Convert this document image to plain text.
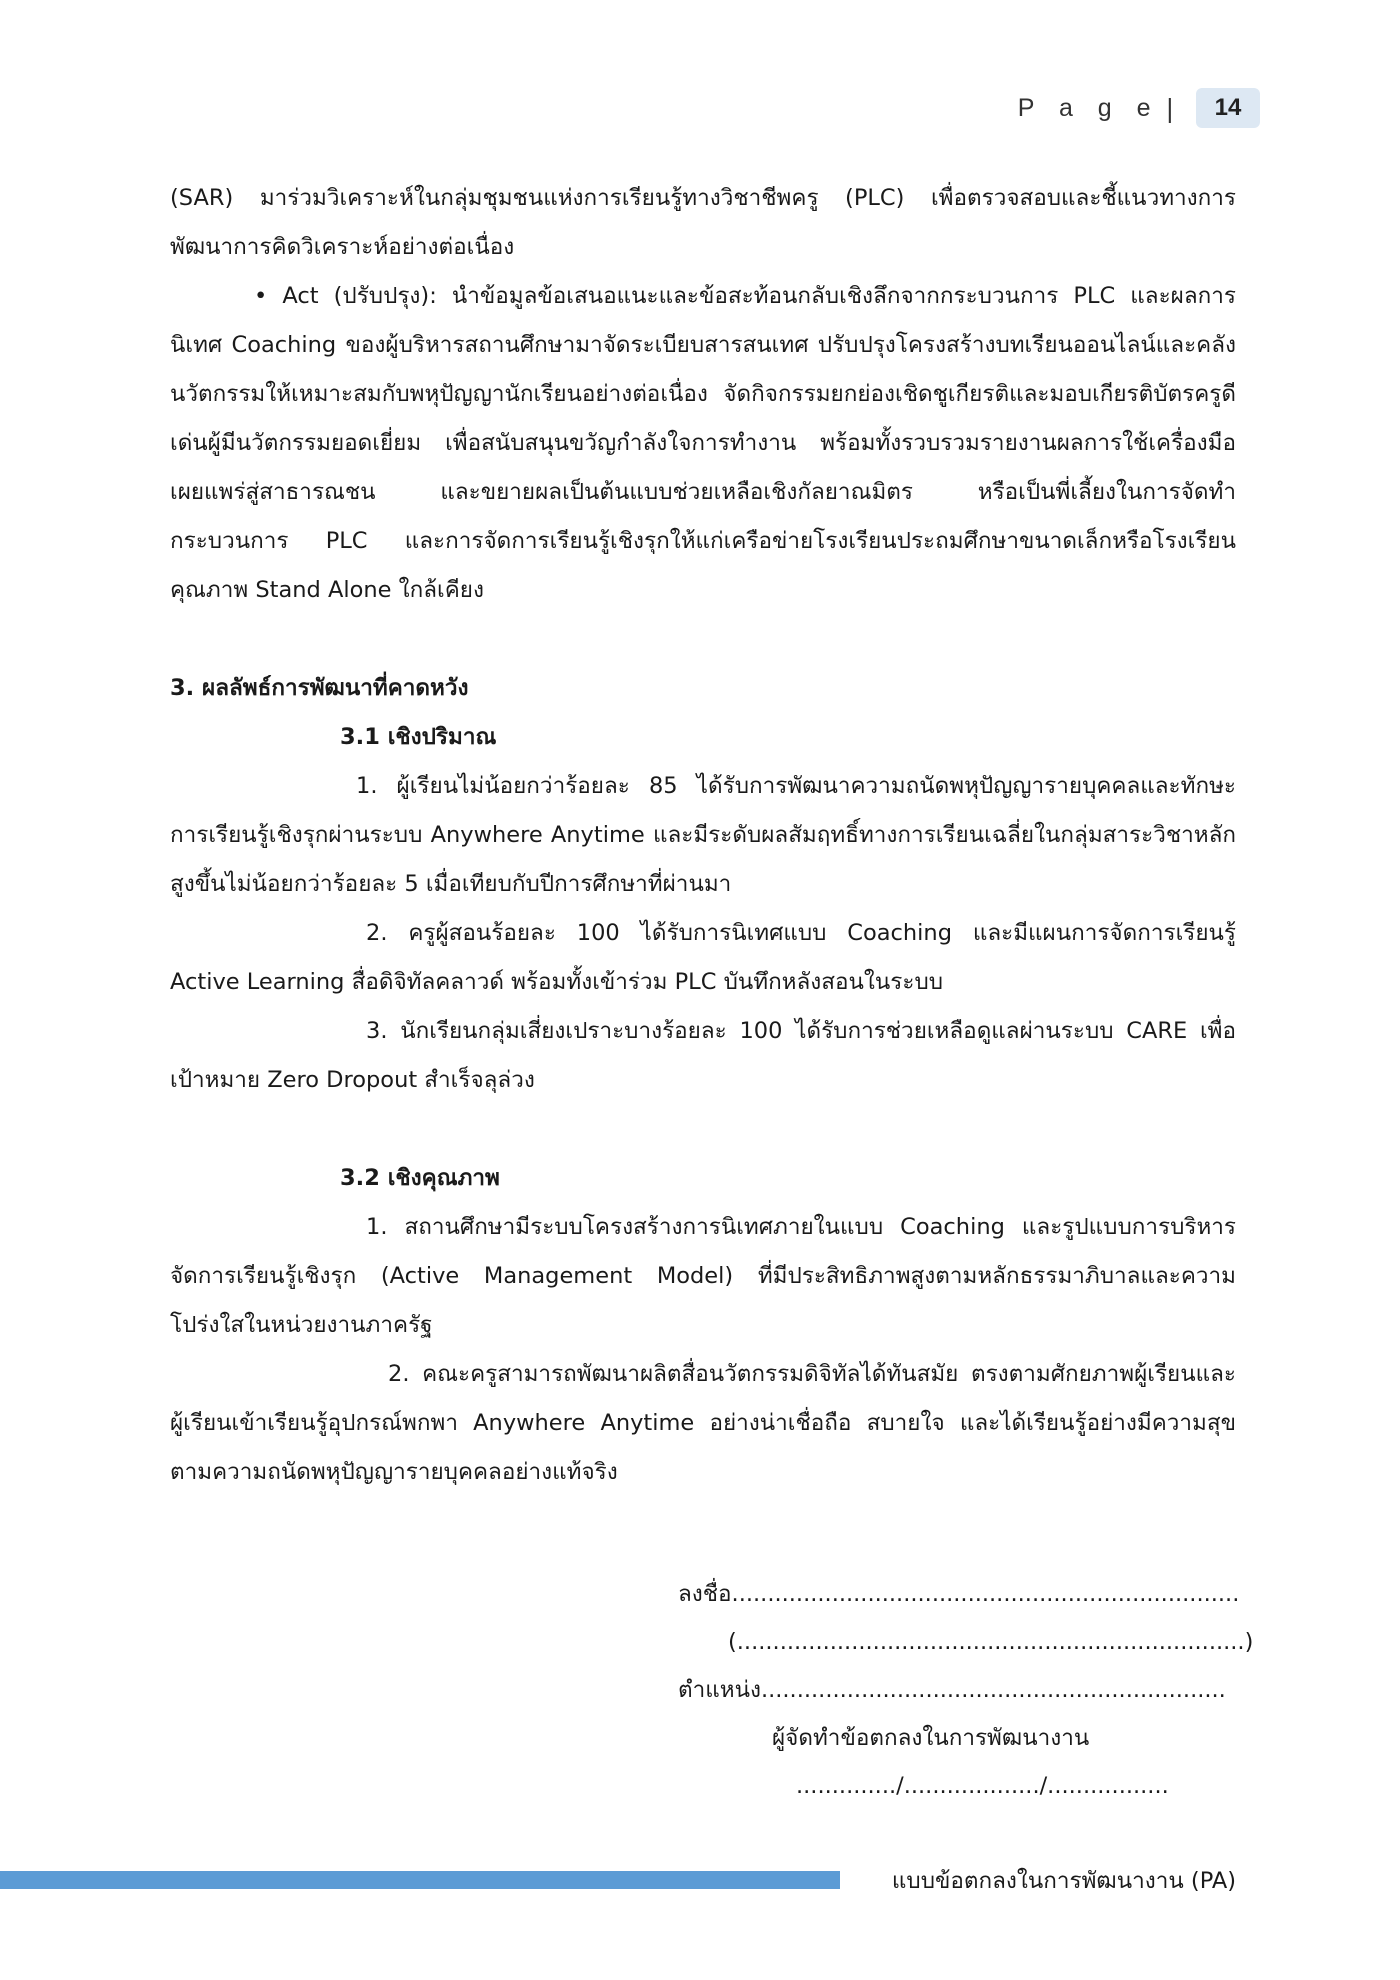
P a g e |	14

(SAR) มาร่วมวิเคราะห์ในกลุ่มชุมชนแห่งการเรียนรู้ทางวิชาชีพครู (PLC) เพื่อตรวจสอบและชี้แนวทางการพัฒนาการคิดวิเคราะห์อย่างต่อเนื่อง

• Act (ปรับปรุง): นำข้อมูลข้อเสนอแนะและข้อสะท้อนกลับเชิงลึกจากกระบวนการ PLC และผลการนิเทศ Coaching ของผู้บริหารสถานศึกษามาจัดระเบียบสารสนเทศ ปรับปรุงโครงสร้างบทเรียนออนไลน์และคลังนวัตกรรมให้เหมาะสมกับพหุปัญญานักเรียนอย่างต่อเนื่อง จัดกิจกรรมยกย่องเชิดชูเกียรติและมอบเกียรติบัตรครูดีเด่นผู้มีนวัตกรรมยอดเยี่ยม เพื่อสนับสนุนขวัญกำลังใจการทำงาน พร้อมทั้งรวบรวมรายงานผลการใช้เครื่องมือเผยแพร่สู่สาธารณชน และขยายผลเป็นต้นแบบช่วยเหลือเชิงกัลยาณมิตร หรือเป็นพี่เลี้ยงในการจัดทำกระบวนการ PLC และการจัดการเรียนรู้เชิงรุกให้แก่เครือข่ายโรงเรียนประถมศึกษาขนาดเล็กหรือโรงเรียนคุณภาพ Stand Alone ใกล้เคียง

3. ผลลัพธ์การพัฒนาที่คาดหวัง

3.1 เชิงปริมาณ

1. ผู้เรียนไม่น้อยกว่าร้อยละ 85 ได้รับการพัฒนาความถนัดพหุปัญญารายบุคคลและทักษะการเรียนรู้เชิงรุกผ่านระบบ Anywhere Anytime และมีระดับผลสัมฤทธิ์ทางการเรียนเฉลี่ยในกลุ่มสาระวิชาหลักสูงขึ้นไม่น้อยกว่าร้อยละ 5 เมื่อเทียบกับปีการศึกษาที่ผ่านมา

2. ครูผู้สอนร้อยละ 100 ได้รับการนิเทศแบบ Coaching และมีแผนการจัดการเรียนรู้ Active Learning สื่อดิจิทัลคลาวด์ พร้อมทั้งเข้าร่วม PLC บันทึกหลังสอนในระบบ

3. นักเรียนกลุ่มเสี่ยงเปราะบางร้อยละ 100 ได้รับการช่วยเหลือดูแลผ่านระบบ CARE เพื่อเป้าหมาย Zero Dropout สำเร็จลุล่วง

3.2 เชิงคุณภาพ

1. สถานศึกษามีระบบโครงสร้างการนิเทศภายในแบบ Coaching และรูปแบบการบริหารจัดการเรียนรู้เชิงรุก (Active Management Model) ที่มีประสิทธิภาพสูงตามหลักธรรมาภิบาลและความโปร่งใสในหน่วยงานภาครัฐ

2. คณะครูสามารถพัฒนาผลิตสื่อนวัตกรรมดิจิทัลได้ทันสมัย ตรงตามศักยภาพผู้เรียนและผู้เรียนเข้าเรียนรู้อุปกรณ์พกพา Anywhere Anytime อย่างน่าเชื่อถือ สบายใจ และได้เรียนรู้อย่างมีความสุขตามความถนัดพหุปัญญารายบุคคลอย่างแท้จริง

ลงชื่อ.......................................................................
(.......................................................................)
ตำแหน่ง.................................................................
ผู้จัดทำข้อตกลงในการพัฒนางาน
............../.................../.................
แบบข้อตกลงในการพัฒนางาน (PA)
